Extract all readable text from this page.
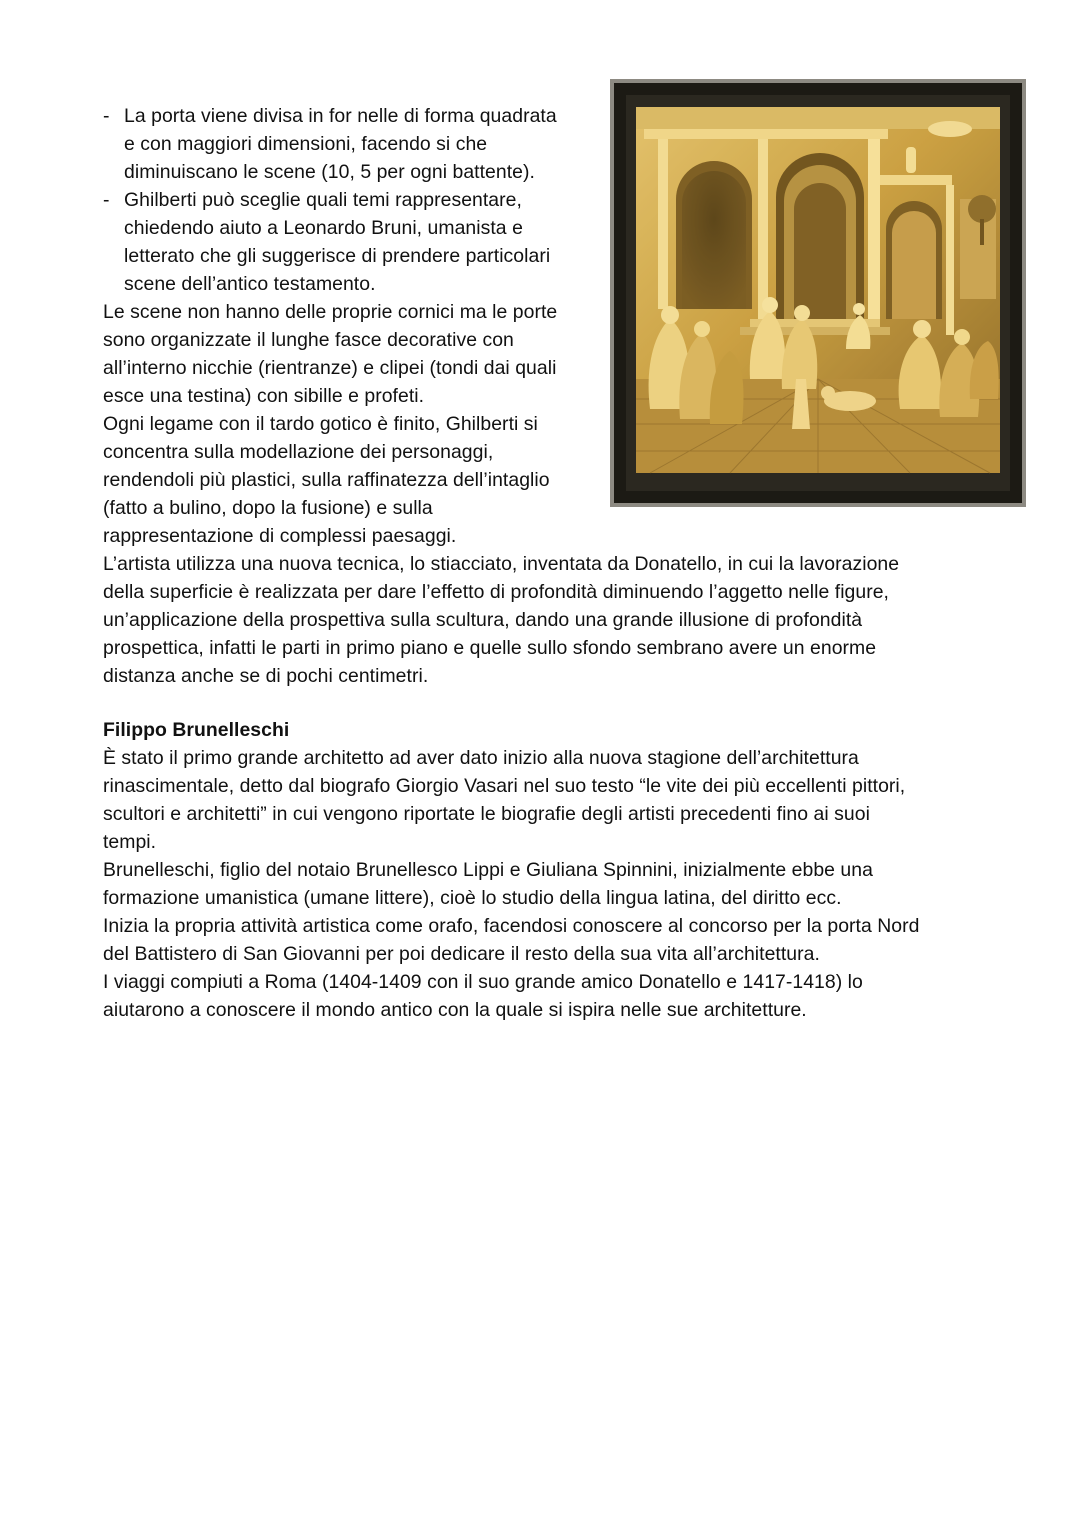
- La porta viene divisa in for nelle di forma quadrata
e con maggiori dimensioni, facendo si che
diminuiscano le scene (10, 5 per ogni battente).
- Ghilberti può sceglie quali temi rappresentare,
chiedendo aiuto a Leonardo Bruni, umanista e
letterato che gli suggerisce di prendere particolari
scene dell’antico testamento.
Le scene non hanno delle proprie cornici ma le porte
sono organizzate il lunghe fasce decorative con
all’interno nicchie (rientranze) e clipei (tondi dai quali
esce una testina) con sibille e profeti.
Ogni legame con il tardo gotico è finito, Ghilberti si
concentra sulla modellazione dei personaggi,
rendendoli più plastici, sulla raffinatezza dell’intaglio
(fatto a bulino, dopo la fusione) e sulla
rappresentazione di complessi paesaggi.
L’artista utilizza una nuova tecnica, lo stiacciato, inventata da Donatello, in cui la lavorazione
della superficie è realizzata per dare l’effetto di profondità diminuendo l’aggetto nelle figure,
un’applicazione della prospettiva sulla scultura, dando una grande illusione di profondità
prospettica, infatti le parti in primo piano e quelle sullo sfondo sembrano avere un enorme
distanza anche se di pochi centimetri.
Filippo Brunelleschi
È stato il primo grande architetto ad aver dato inizio alla nuova stagione dell’architettura
rinascimentale, detto dal biografo Giorgio Vasari nel suo testo “le vite dei più eccellenti pittori,
scultori e architetti” in cui vengono riportate le biografie degli artisti precedenti fino ai suoi
tempi.
Brunelleschi, figlio del notaio Brunellesco Lippi e Giuliana Spinnini, inizialmente ebbe una
formazione umanistica (umane littere), cioè lo studio della lingua latina, del diritto ecc.
Inizia la propria attività artistica come orafo, facendosi conoscere al concorso per la porta Nord
del Battistero di San Giovanni per poi dedicare il resto della sua vita all’architettura.
I viaggi compiuti a Roma (1404-1409 con il suo grande amico Donatello e 1417-1418) lo
aiutarono a conoscere il mondo antico con la quale si ispira nelle sue architetture.
